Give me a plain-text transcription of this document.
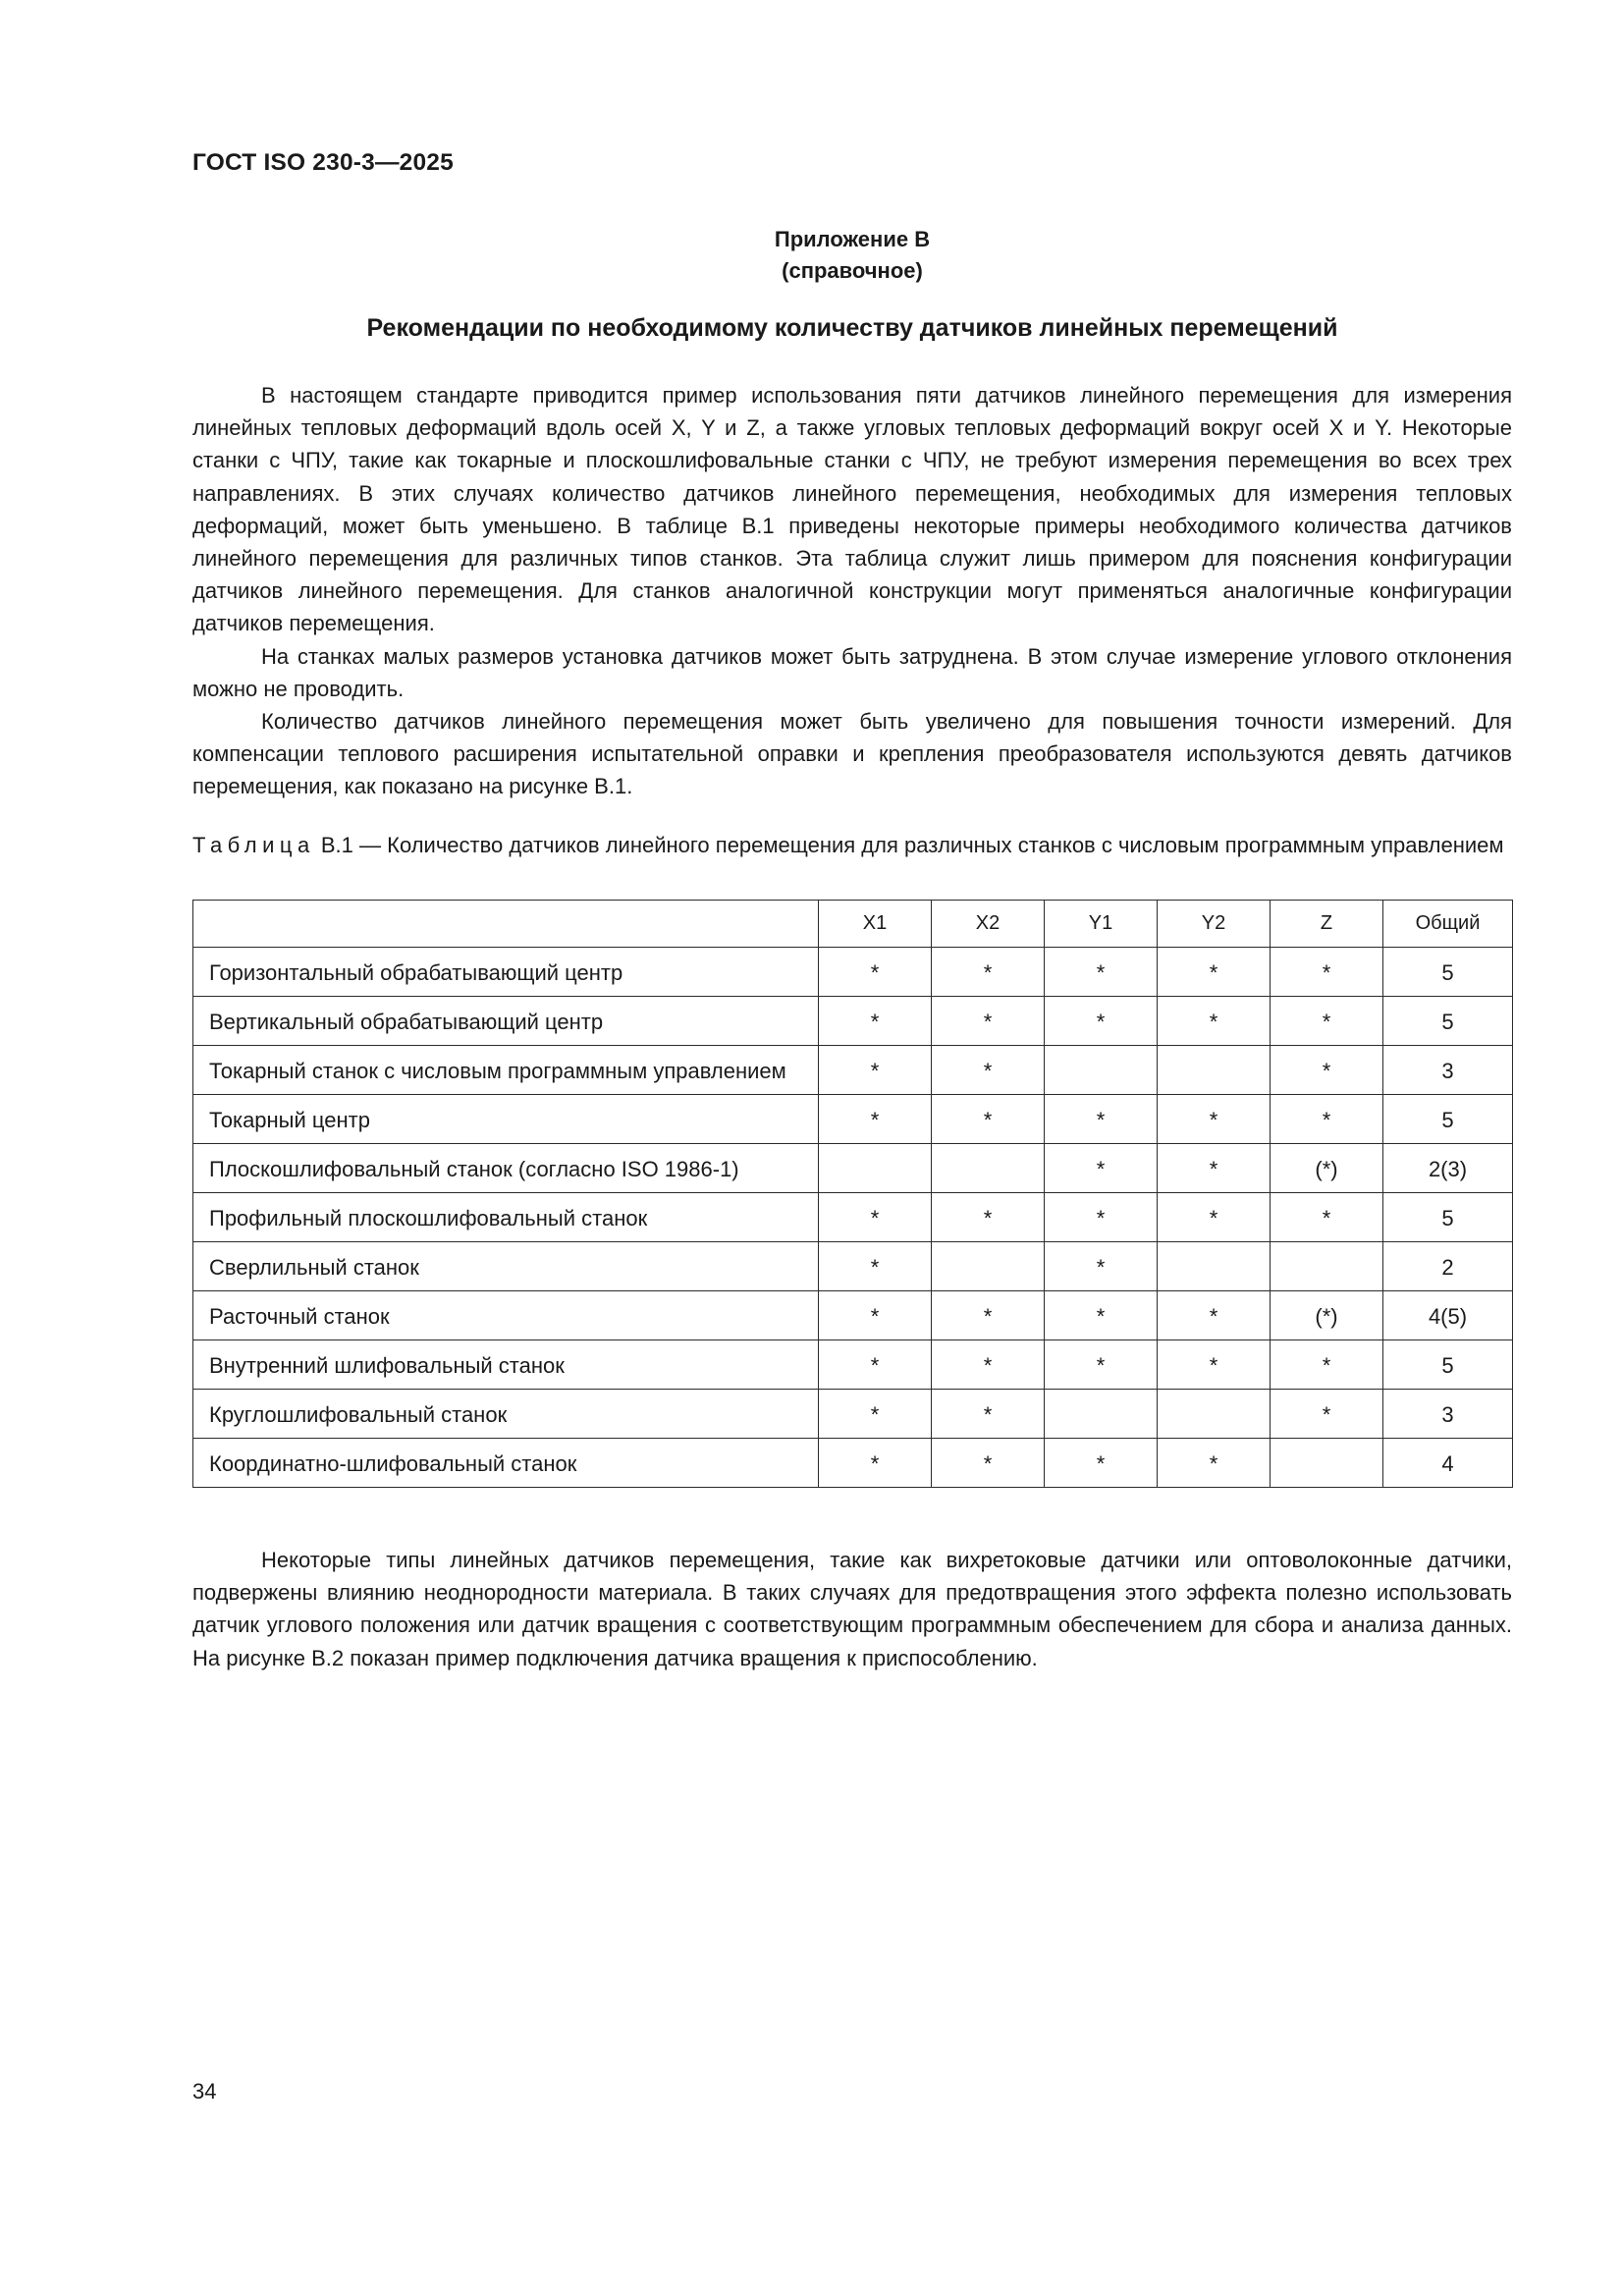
ГОСТ ISO 230-3—2025
Приложение В
(справочное)
Рекомендации по необходимому количеству датчиков линейных перемещений

В настоящем стандарте приводится пример использования пяти датчиков линейного перемещения для измерения линейных тепловых деформаций вдоль осей X, Y и Z, а также угловых тепловых деформаций вокруг осей X и Y. Некоторые станки с ЧПУ, такие как токарные и плоскошлифовальные станки с ЧПУ, не требуют измерения перемещения во всех трех направлениях. В этих случаях количество датчиков линейного перемещения, необходимых для измерения тепловых деформаций, может быть уменьшено. В таблице В.1 приведены некоторые примеры необходимого количества датчиков линейного перемещения для различных типов станков. Эта таблица служит лишь примером для пояснения конфигурации датчиков линейного перемещения. Для станков аналогичной конструкции могут применяться аналогичные конфигурации датчиков перемещения.

На станках малых размеров установка датчиков может быть затруднена. В этом случае измерение углового отклонения можно не проводить.

Количество датчиков линейного перемещения может быть увеличено для повышения точности измерений. Для компенсации теплового расширения испытательной оправки и крепления преобразователя используются девять датчиков перемещения, как показано на рисунке В.1.

Таблица В.1 — Количество датчиков линейного перемещения для различных станков с числовым программным управлением
	X1	X2	Y1	Y2	Z	Общий
Горизонтальный обрабатывающий центр	*	*	*	*	*	5
Вертикальный обрабатывающий центр	*	*	*	*	*	5
Токарный станок с числовым программным управлением	*	*			*	3
Токарный центр	*	*	*	*	*	5
Плоскошлифовальный станок (согласно ISO 1986-1)			*	*	(*)	2(3)
Профильный плоскошлифовальный станок	*	*	*	*	*	5
Сверлильный станок	*		*			2
Расточный станок	*	*	*	*	(*)	4(5)
Внутренний шлифовальный станок	*	*	*	*	*	5
Круглошлифовальный станок	*	*			*	3
Координатно-шлифовальный станок	*	*	*	*		4

Некоторые типы линейных датчиков перемещения, такие как вихретоковые датчики или оптоволоконные датчики, подвержены влиянию неоднородности материала. В таких случаях для предотвращения этого эффекта полезно использовать датчик углового положения или датчик вращения с соответствующим программным обеспечением для сбора и анализа данных. На рисунке В.2 показан пример подключения датчика вращения к приспособлению.

34
